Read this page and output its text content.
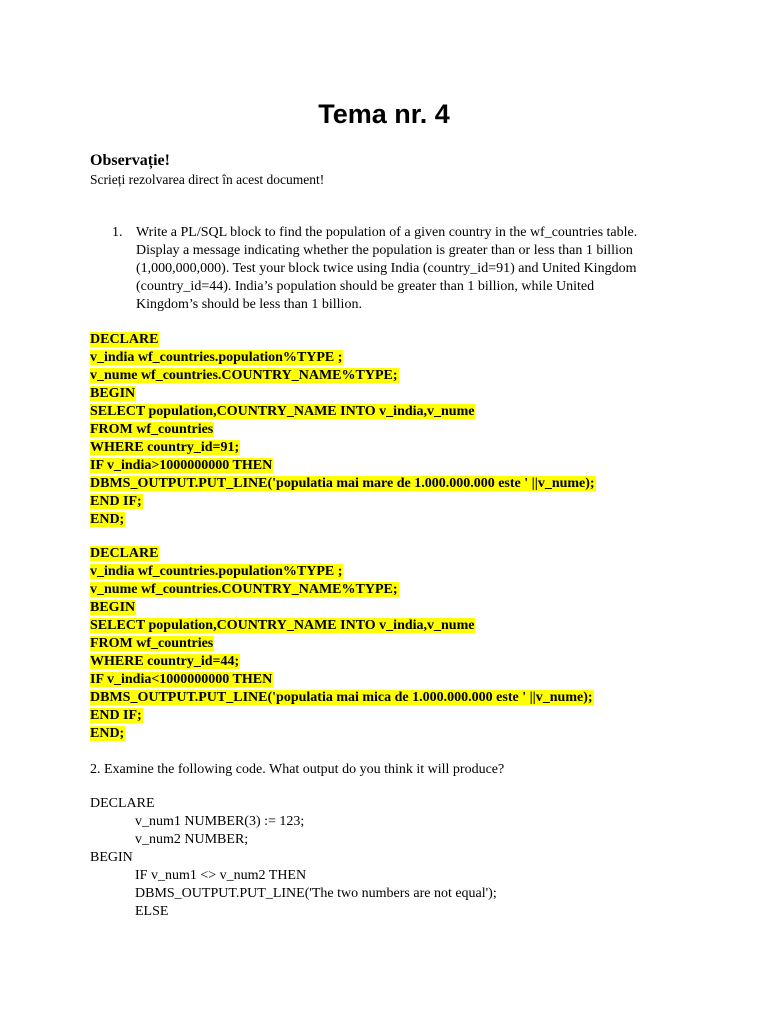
Tema nr. 4
Observație!
Scrieți rezolvarea direct în acest document!
1. Write a PL/SQL block to find the population of a given country in the wf_countries table.
Display a message indicating whether the population is greater than or less than 1 billion
(1,000,000,000). Test your block twice using India (country_id=91) and United Kingdom
(country_id=44). India’s population should be greater than 1 billion, while United
Kingdom’s should be less than 1 billion.
DECLARE
v_india wf_countries.population%TYPE ;
v_nume wf_countries.COUNTRY_NAME%TYPE;
BEGIN
SELECT population,COUNTRY_NAME INTO v_india,v_nume
FROM wf_countries
WHERE country_id=91;
IF v_india>1000000000 THEN
DBMS_OUTPUT.PUT_LINE('populatia mai mare de 1.000.000.000 este ' ||v_nume);
END IF;
END;
DECLARE
v_india wf_countries.population%TYPE ;
v_nume wf_countries.COUNTRY_NAME%TYPE;
BEGIN
SELECT population,COUNTRY_NAME INTO v_india,v_nume
FROM wf_countries
WHERE country_id=44;
IF v_india<1000000000 THEN
DBMS_OUTPUT.PUT_LINE('populatia mai mica de 1.000.000.000 este ' ||v_nume);
END IF;
END;
2. Examine the following code. What output do you think it will produce?
DECLARE
v_num1 NUMBER(3) := 123;
v_num2 NUMBER;
BEGIN
IF v_num1 <> v_num2 THEN
DBMS_OUTPUT.PUT_LINE('The two numbers are not equal');
ELSE
